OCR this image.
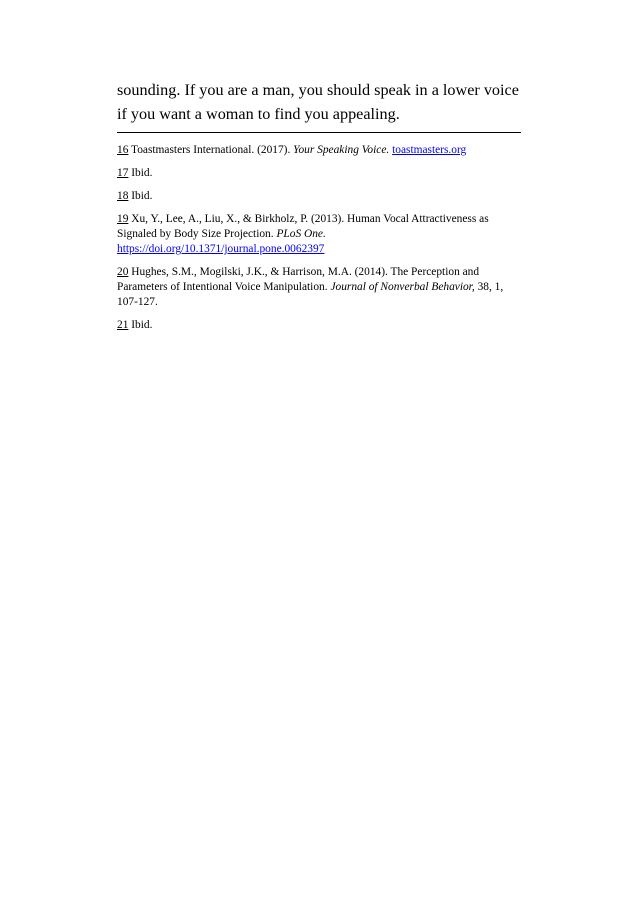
sounding. If you are a man, you should speak in a lower voice

if you want a woman to find you appealing.

16 Toastmasters International. (2017). Your Speaking Voice. toastmasters.org

17 Ibid.

18 Ibid.

19 Xu, Y., Lee, A., Liu, X., & Birkholz, P. (2013). Human Vocal Attractiveness as Signaled by Body Size Projection. PLoS One.
https://doi.org/10.1371/journal.pone.0062397

20 Hughes, S.M., Mogilski, J.K., & Harrison, M.A. (2014). The Perception and Parameters of Intentional Voice Manipulation. Journal of Nonverbal Behavior, 38, 1, 107-127.

21 Ibid.
